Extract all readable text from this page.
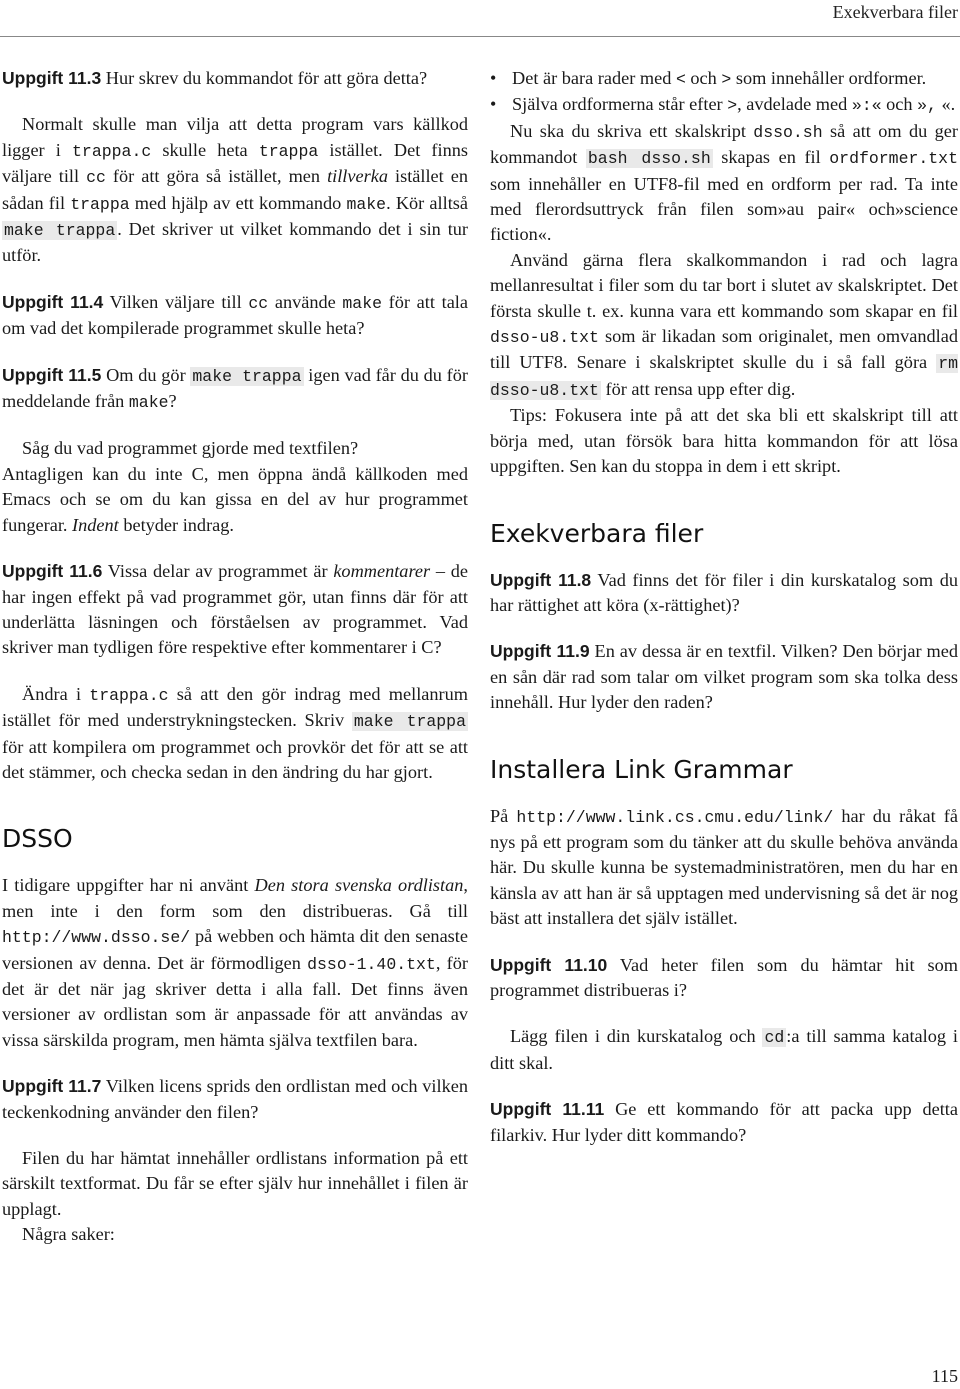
Exekverbara filer

Uppgift 11.3 Hur skrev du kommandot för att göra detta?

Normalt skulle man vilja att detta program vars källkod ligger i trappa.c skulle heta trappa istället. Det finns väljare till cc för att göra så istället, men tillverka istället en sådan fil trappa med hjälp av ett kommando make. Kör alltså make trappa . Det skriver ut vilket kommando det i sin tur utför.

Uppgift 11.4 Vilken väljare till cc använde make för att tala om vad det kompilerade programmet skulle heta?

Uppgift 11.5 Om du gör make trappa igen vad får du du för meddelande från make?

Såg du vad programmet gjorde med textfilen?

Antagligen kan du inte C, men öppna ändå källkoden med Emacs och se om du kan gissa en del av hur programmet fungerar. Indent betyder indrag.

Uppgift 11.6 Vissa delar av programmet är kommentarer – de har ingen effekt på vad programmet gör, utan finns där för att underlätta läsningen och förståelsen av programmet. Vad skriver man tydligen före respektive efter kommentarer i C?

Ändra i trappa.c så att den gör indrag med mellanrum istället för med understrykningstecken. Skriv make trappa för att kompilera om programmet och provkör det för att se att det stämmer, och checka sedan in den ändring du har gjort.

DSSO

I tidigare uppgifter har ni använt Den stora svenska ordlistan, men inte i den form som den distribueras. Gå till http://www.dsso.se/ på webben och hämta dit den senaste versionen av denna. Det är förmodligen dsso-1.40.txt, för det är det när jag skriver detta i alla fall. Det finns även versioner av ordlistan som är anpassade för att användas av vissa särskilda program, men hämta själva textfilen bara.

Uppgift 11.7 Vilken licens sprids den ordlistan med och vilken teckenkodning använder den filen?

Filen du har hämtat innehåller ordlistans information på ett särskilt textformat. Du får se efter själv hur innehållet i filen är upplagt.

Några saker:

• Det är bara rader med < och > som innehåller ordformer.
• Själva ordformerna står efter >, avdelade med »:« och », «.

Nu ska du skriva ett skalskript dsso.sh så att om du ger kommandot bash dsso.sh skapas en fil ordformer.txt som innehåller en UTF8-fil med en ordform per rad. Ta inte med flerordsuttryck från filen som»au pair« och»science fiction«.

Använd gärna flera skalkommandon i rad och lagra mellanresultat i filer som du tar bort i slutet av skalskriptet. Det första skulle t. ex. kunna vara ett kommando som skapar en fil dsso-u8.txt som är likadan som originalet, men omvandlad till UTF8. Senare i skalskriptet skulle du i så fall göra rm dsso-u8.txt för att rensa upp efter dig.

Tips: Fokusera inte på att det ska bli ett skalskript till att börja med, utan försök bara hitta kommandon för att lösa uppgiften. Sen kan du stoppa in dem i ett skript.

Exekverbara filer

Uppgift 11.8 Vad finns det för filer i din kurskatalog som du har rättighet att köra (x-rättighet)?

Uppgift 11.9 En av dessa är en textfil. Vilken? Den börjar med en sån där rad som talar om vilket program som ska tolka dess innehåll. Hur lyder den raden?

Installera Link Grammar

På http://www.link.cs.cmu.edu/link/ har du råkat få nys på ett program som du tänker att du skulle behöva använda här. Du skulle kunna be systemadministratören, men du har en känsla av att han är så upptagen med undervisning så det är nog bäst att installera det själv istället.

Uppgift 11.10 Vad heter filen som du hämtar hit som programmet distribueras i?

Lägg filen i din kurskatalog och cd :a till samma katalog i ditt skal.

Uppgift 11.11 Ge ett kommando för att packa upp detta filarkiv. Hur lyder ditt kommando?

115
